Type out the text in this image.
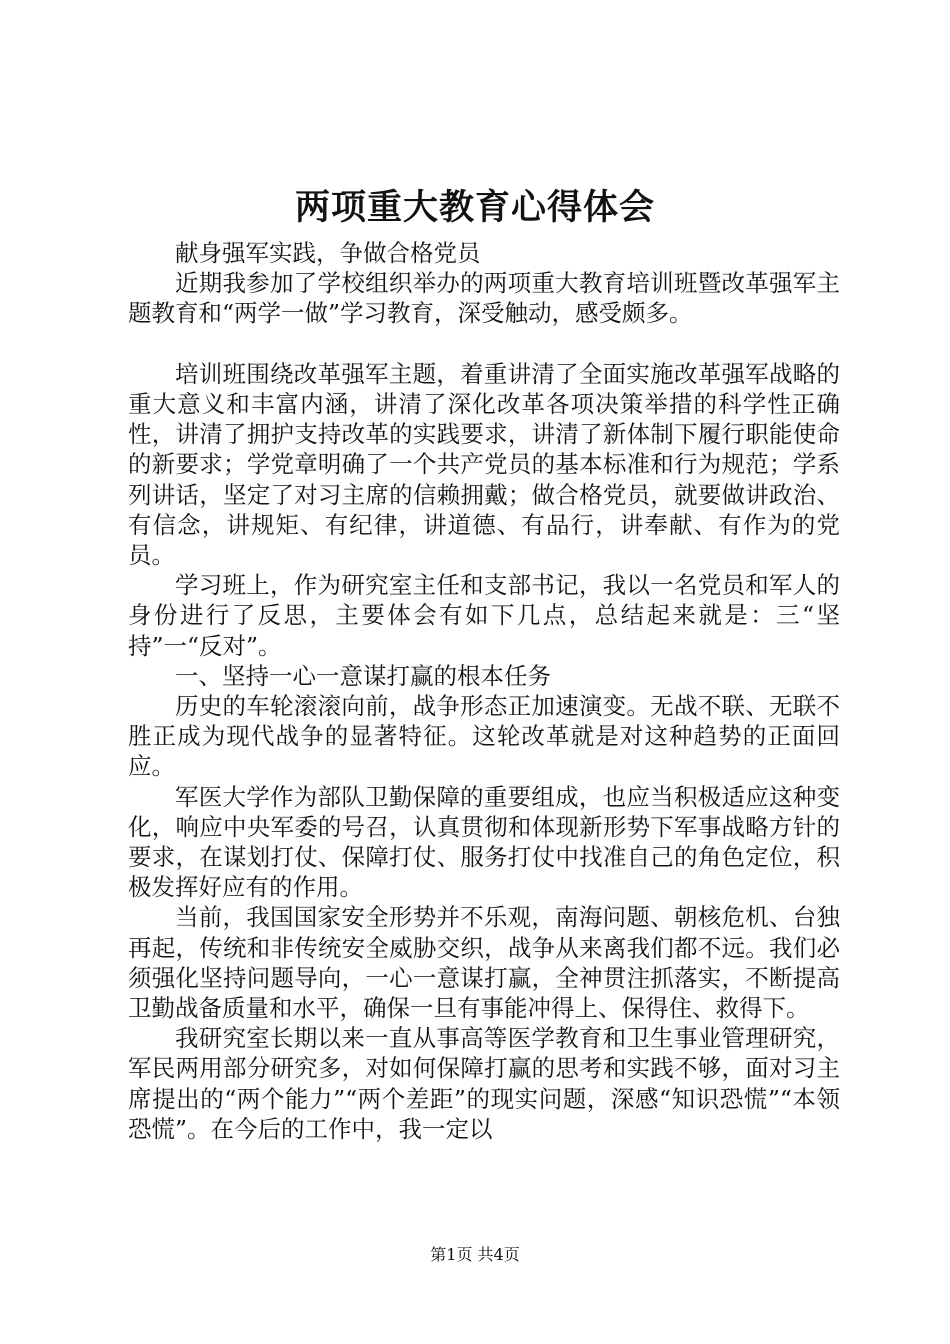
两项重大教育心得体会

献身强军实践，争做合格党员

近期我参加了学校组织举办的两项重大教育培训班暨改革强军主题教育和“两学一做”学习教育，深受触动，感受颇多。

培训班围绕改革强军主题，着重讲清了全面实施改革强军战略的重大意义和丰富内涵，讲清了深化改革各项决策举措的科学性正确性，讲清了拥护支持改革的实践要求，讲清了新体制下履行职能使命的新要求；学党章明确了一个共产党员的基本标准和行为规范；学系列讲话，坚定了对习主席的信赖拥戴；做合格党员，就要做讲政治、有信念，讲规矩、有纪律，讲道德、有品行，讲奉献、有作为的党员。

学习班上，作为研究室主任和支部书记，我以一名党员和军人的身份进行了反思，主要体会有如下几点，总结起来就是：三“坚持”一“反对”。

一、坚持一心一意谋打赢的根本任务

历史的车轮滚滚向前，战争形态正加速演变。无战不联、无联不胜正成为现代战争的显著特征。这轮改革就是对这种趋势的正面回应。

军医大学作为部队卫勤保障的重要组成，也应当积极适应这种变化，响应中央军委的号召，认真贯彻和体现新形势下军事战略方针的要求，在谋划打仗、保障打仗、服务打仗中找准自己的角色定位，积极发挥好应有的作用。

当前，我国国家安全形势并不乐观，南海问题、朝核危机、台独再起，传统和非传统安全威胁交织，战争从来离我们都不远。我们必须强化坚持问题导向，一心一意谋打赢，全神贯注抓落实，不断提高卫勤战备质量和水平，确保一旦有事能冲得上、保得住、救得下。

我研究室长期以来一直从事高等医学教育和卫生事业管理研究，军民两用部分研究多，对如何保障打赢的思考和实践不够，面对习主席提出的“两个能力”“两个差距”的现实问题，深感“知识恐慌”“本领恐慌”。在今后的工作中，我一定以

第1页 共4页
